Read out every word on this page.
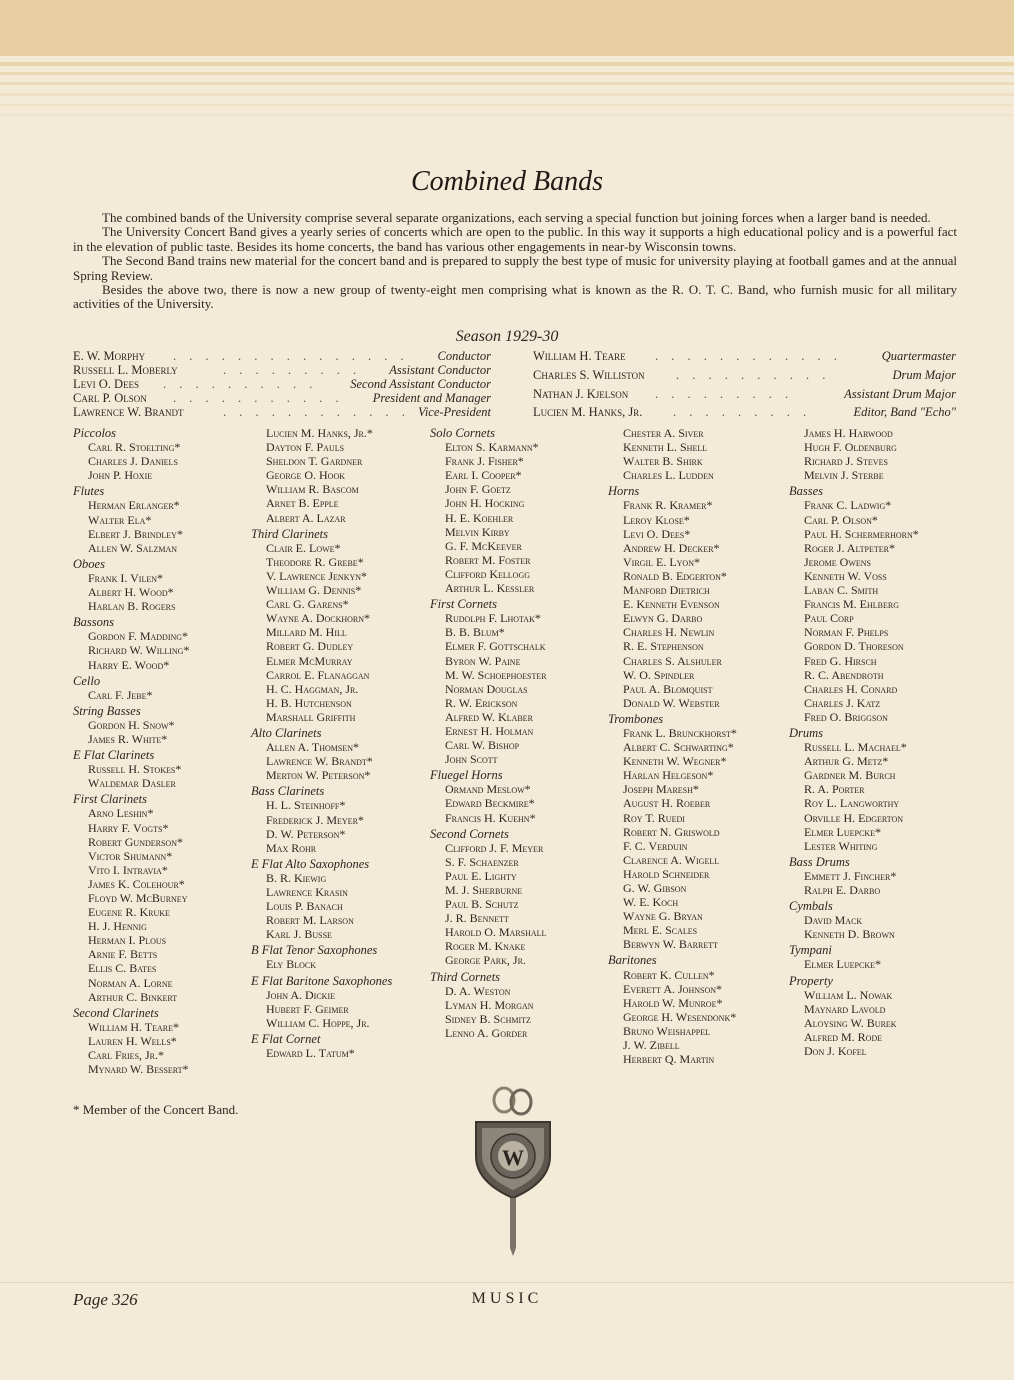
Combined Bands

The combined bands of the University comprise several separate organizations, each serving a special function but joining forces when a larger band is needed.

The University Concert Band gives a yearly series of concerts which are open to the public. In this way it supports a high educational policy and is a powerful fact in the elevation of public taste. Besides its home concerts, the band has various other engagements in near-by Wisconsin towns.

The Second Band trains new material for the concert band and is prepared to supply the best type of music for university playing at football games and at the annual Spring Review.

Besides the above two, there is now a new group of twenty-eight men comprising what is known as the R. O. T. C. Band, who furnish music for all military activities of the University.

Season 1929-30
E. W. Morphy . . . . . . . . . . . . . . . Conductor
Russell L. Moberly	. . . . . . . . . Assistant Conductor
Levi O. Dees . . . . . . . . . .	Second Assistant Conductor
Carl P. Olson . . . . . . . . . . . President and Manager
Lawrence W. Brandt	. . . . . . . . . . . . Vice-President
William H. Teare . . . . . . . . . . . .	Quartermaster
Charles S. Williston	. . . . . . . . . .	Drum Major
Nathan J. Kjelson . . . . . . . . .	Assistant Drum Major
Lucien M. Hanks, Jr. . . . . . . . . .	Editor, Band "Echo"
Piccolos
Carl R. Stoelting*
Charles J. Daniels
John P. Hoxie
Flutes
Herman Erlanger*
Walter Ela*
Elbert J. Brindley*
Allen W. Salzman
Oboes
Frank I. Vilen*
Albert H. Wood*
Harlan B. Rogers
Bassons
Gordon F. Madding*
Richard W. Willing*
Harry E. Wood*
Cello
Carl F. Jebe*
String Basses
Gordon H. Snow*
James R. White*
E Flat Clarinets
Russell H. Stokes*
Waldemar Dasler
First Clarinets
Arno Leshin*
Harry F. Vogts*
Robert Gunderson*
Victor Shumann*
Vito I. Intravia*
James K. Colehour*
Floyd W. McBurney
Eugene R. Kruke
H. J. Hennig
Herman I. Plous
Arnie F. Betts
Ellis C. Bates
Norman A. Lorne
Arthur C. Binkert
Second Clarinets
William H. Teare*
Lauren H. Wells*
Carl Fries, Jr.*
Mynard W. Bessert*
Lucien M. Hanks, Jr.*
Dayton F. Pauls
Sheldon T. Gardner
George O. Hook
William R. Bascom
Arnet B. Epple
Albert A. Lazar
Third Clarinets
Clair E. Lowe*
Theodore R. Grebe*
V. Lawrence Jenkyn*
William G. Dennis*
Carl G. Garens*
Wayne A. Dockhorn*
Millard M. Hill
Robert G. Dudley
Elmer McMurray
Carrol E. Flanaggan
H. C. Haggman, Jr.
H. B. Hutchenson
Marshall Griffith
Alto Clarinets
Allen A. Thomsen*
Lawrence W. Brandt*
Merton W. Peterson*
Bass Clarinets
H. L. Steinhoff*
Frederick J. Meyer*
D. W. Peterson*
Max Rohr
E Flat Alto Saxophones
B. R. Kiewig
Lawrence Krasin
Louis P. Banach
Robert M. Larson
Karl J. Busse
B Flat Tenor Saxophones
Ely Block
E Flat Baritone Saxophones
John A. Dickie
Hubert F. Geimer
William C. Hoppe, Jr.
E Flat Cornet
Edward L. Tatum*
Solo Cornets
Elton S. Karmann*
Frank J. Fisher*
Earl I. Cooper*
John F. Goetz
John H. Hocking
H. E. Koehler
Melvin Kirby
G. F. McKeever
Robert M. Foster
Clifford Kellogg
Arthur L. Kessler
First Cornets
Rudolph F. Lhotak*
B. B. Blum*
Elmer F. Gottschalk
Byron W. Paine
M. W. Schoephoester
Norman Douglas
R. W. Erickson
Alfred W. Klaber
Ernest H. Holman
Carl W. Bishop
John Scott
Fluegel Horns
Ormand Meslow*
Edward Beckmire*
Francis H. Kuehn*
Second Cornets
Clifford J. F. Meyer
S. F. Schaenzer
Paul E. Lighty
M. J. Sherburne
Paul B. Schutz
J. R. Bennett
Harold O. Marshall
Roger M. Knake
George Park, Jr.
Third Cornets
D. A. Weston
Lyman H. Morgan
Sidney B. Schmitz
Lenno A. Gorder
Chester A. Siver
Kenneth L. Shell
Walter B. Shirk
Charles L. Ludden
Horns
Frank R. Kramer*
Leroy Klose*
Levi O. Dees*
Andrew H. Decker*
Virgil E. Lyon*
Ronald B. Edgerton*
Manford Dietrich
E. Kenneth Evenson
Elwyn G. Darbo
Charles H. Newlin
R. E. Stephenson
Charles S. Alshuler
W. O. Spindler
Paul A. Blomquist
Donald W. Webster
Trombones
Frank L. Brunckhorst*
Albert C. Schwarting*
Kenneth W. Wegner*
Harlan Helgeson*
Joseph Maresh*
August H. Roeber
Roy T. Ruedi
Robert N. Griswold
F. C. Verduin
Clarence A. Wigell
Harold Schneider
G. W. Gibson
W. E. Koch
Wayne G. Bryan
Merl E. Scales
Berwyn W. Barrett
Baritones
Robert K. Cullen*
Everett A. Johnson*
Harold W. Munroe*
George H. Wesendonk*
Bruno Weishappel
J. W. Zibell
Herbert Q. Martin
James H. Harwood
Hugh F. Oldenburg
Richard J. Steves
Melvin J. Sterbe
Basses
Frank C. Ladwig*
Carl P. Olson*
Paul H. Schermerhorn*
Roger J. Altpeter*
Jerome Owens
Kenneth W. Voss
Laban C. Smith
Francis M. Ehlberg
Paul Corp
Norman F. Phelps
Gordon D. Thoreson
Fred G. Hirsch
R. C. Abendroth
Charles H. Conard
Charles J. Katz
Fred O. Briggson
Drums
Russell L. Machael*
Arthur G. Metz*
Gardner M. Burch
R. A. Porter
Roy L. Langworthy
Orville H. Edgerton
Elmer Luepcke*
Lester Whiting
Bass Drums
Emmett J. Fincher*
Ralph E. Darbo
Cymbals
David Mack
Kenneth D. Brown
Tympani
Elmer Luepcke*
Property
William L. Nowak
Maynard Lavold
Aloysing W. Burek
Alfred M. Rode
Don J. Kofel
* Member of the Concert Band.
W
Page 326	MUSIC
